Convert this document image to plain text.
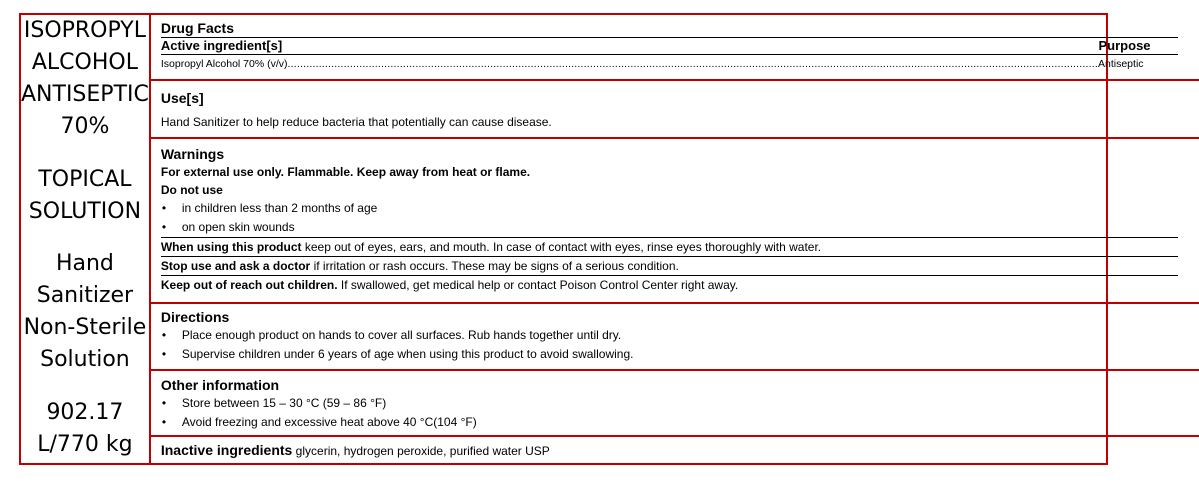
ISOPROPYL ALCOHOL
ANTISEPTIC 70%
TOPICAL SOLUTION
Hand Sanitizer
Non-Sterile Solution
902.17 L/770 kg
Drug Facts
Active ingredient[s]	Purpose
Isopropyl Alcohol 70% (v/v)
.....	Antiseptic
Use[s]
Hand Sanitizer to help reduce bacteria that potentially can cause disease.
Warnings
For external use only. Flammable. Keep away from heat or flame.
Do not use
•	in children less than 2 months of age
•	on open skin wounds
When using this product keep out of eyes, ears, and mouth. In case of contact with eyes, rinse eyes thoroughly with water.
Stop use and ask a doctor if irritation or rash occurs. These may be signs of a serious condition.
Keep out of reach out children. If swallowed, get medical help or contact Poison Control Center right away.
Directions
•	Place enough product on hands to cover all surfaces. Rub hands together until dry.
•	Supervise children under 6 years of age when using this product to avoid swallowing.
Other information
•	Store between 15 – 30 °C (59 – 86 °F)
•	Avoid freezing and excessive heat above 40 °C(104 °F)
Inactive ingredients glycerin, hydrogen peroxide, purified water USP
